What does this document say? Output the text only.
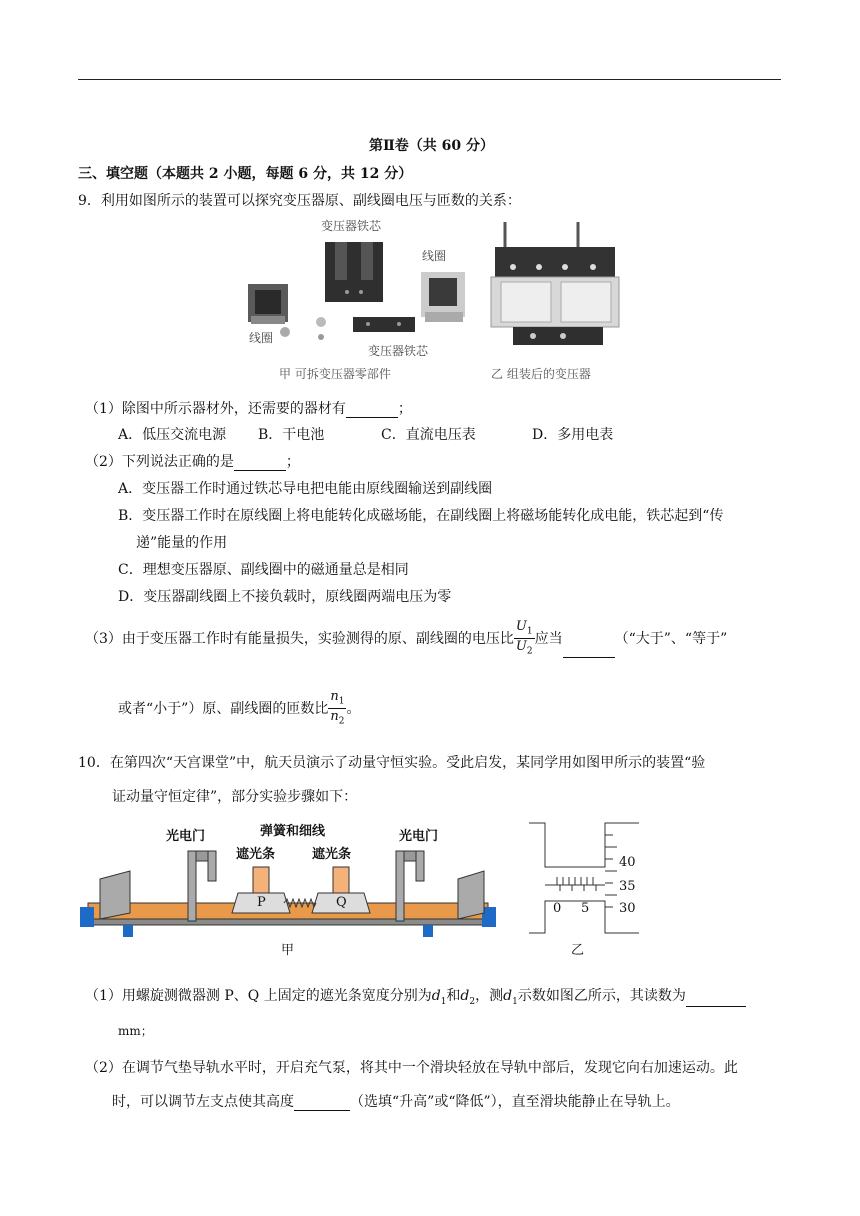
第Ⅱ卷（共 60 分）
三、填空题（本题共 2 小题，每题 6 分，共 12 分）
9．利用如图所示的装置可以探究变压器原、副线圈电压与匝数的关系：
变压器铁芯
线圈
线圈
变压器铁芯
甲 可拆变压器零部件	乙 组装后的变压器
（1）除图中所示器材外，还需要的器材有	；
A．低压交流电源 B．干电池	C．直流电压表	D．多用电表
（2）下列说法正确的是	；
A．变压器工作时通过铁芯导电把电能由原线圈输送到副线圈
B．变压器工作时在原线圈上将电能转化成磁场能，在副线圈上将磁场能转化成电能，铁芯起到“传
递”能量的作用
C．理想变压器原、副线圈中的磁通量总是相同
D．变压器副线圈上不接负载时，原线圈两端电压为零
（3）由于变压器工作时有能量损失，实验测得的原、副线圈的电压比 $\frac{U_1}{U_2}$ 应当	（“大于”、“等于”
或者“小于”）原、副线圈的匝数比 $\frac{n_1}{n_2}$ 。
10．在第四次“天宫课堂”中，航天员演示了动量守恒实验。受此启发，某同学用如图甲所示的装置“验
证动量守恒定律”，部分实验步骤如下：
光电门	光电门
弹簧和细线
遮光条	遮光条
P	Q
甲
40
35
30
0 5
乙
（1）用螺旋测微器测 P、Q 上固定的遮光条宽度分别为$d_1$和$d_2$，测$d_1$示数如图乙所示，其读数为
mm；
（2）在调节气垫导轨水平时，开启充气泵，将其中一个滑块轻放在导轨中部后，发现它向右加速运动。此
时，可以调节左支点使其高度	（选填“升高”或“降低”），直至滑块能静止在导轨上。
